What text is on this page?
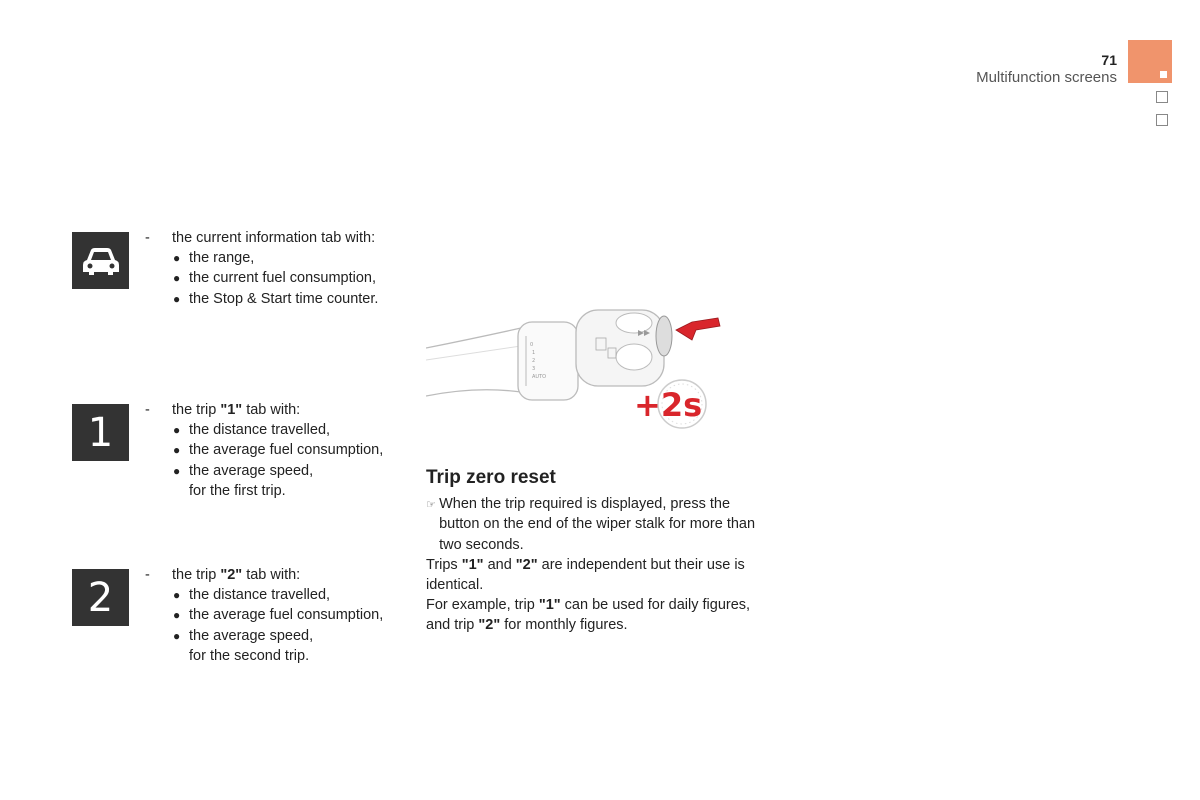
71
Multifunction screens
-	the current information tab with:
● the range,
● the current fuel consumption,
● the Stop & Start time counter.
1 -	the trip "1" tab with:
● the distance travelled,
● the average fuel consumption,
● the average speed,
for the first trip.
2 -	the trip "2" tab with:
● the distance travelled,
● the average fuel consumption,
● the average speed,
for the second trip.
0
1
2
3
AUTO
+2s
Trip zero reset
☞ When the trip required is displayed, press the button on the end of the wiper stalk for more than two seconds.

Trips "1" and "2" are independent but their use is identical.

For example, trip "1" can be used for daily figures, and trip "2" for monthly figures.
